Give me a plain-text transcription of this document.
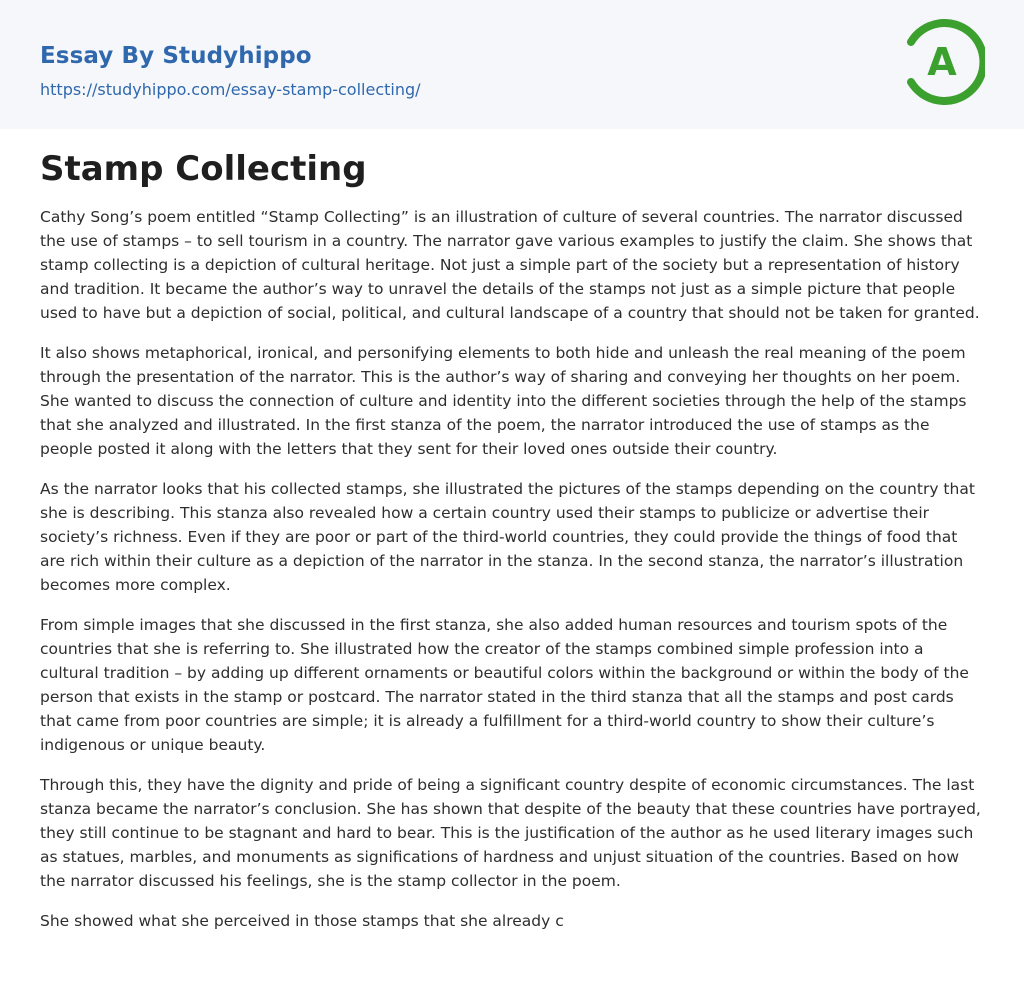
Essay By Studyhippo
https://studyhippo.com/essay-stamp-collecting/
A
Stamp Collecting

Cathy Song’s poem entitled “Stamp Collecting” is an illustration of culture of several countries. The narrator discussed the use of stamps – to sell tourism in a country. The narrator gave various examples to justify the claim. She shows that stamp collecting is a depiction of cultural heritage. Not just a simple part of the society but a representation of history and tradition. It became the author’s way to unravel the details of the stamps not just as a simple picture that people used to have but a depiction of social, political, and cultural landscape of a country that should not be taken for granted.

It also shows metaphorical, ironical, and personifying elements to both hide and unleash the real meaning of the poem through the presentation of the narrator. This is the author’s way of sharing and conveying her thoughts on her poem. She wanted to discuss the connection of culture and identity into the different societies through the help of the stamps that she analyzed and illustrated. In the first stanza of the poem, the narrator introduced the use of stamps as the people posted it along with the letters that they sent for their loved ones outside their country.

As the narrator looks that his collected stamps, she illustrated the pictures of the stamps depending on the country that she is describing. This stanza also revealed how a certain country used their stamps to publicize or advertise their society’s richness. Even if they are poor or part of the third-world countries, they could provide the things of food that are rich within their culture as a depiction of the narrator in the stanza. In the second stanza, the narrator’s illustration becomes more complex.

From simple images that she discussed in the first stanza, she also added human resources and tourism spots of the countries that she is referring to. She illustrated how the creator of the stamps combined simple profession into a cultural tradition – by adding up different ornaments or beautiful colors within the background or within the body of the person that exists in the stamp or postcard. The narrator stated in the third stanza that all the stamps and post cards that came from poor countries are simple; it is already a fulfillment for a third-world country to show their culture’s indigenous or unique beauty.

Through this, they have the dignity and pride of being a significant country despite of economic circumstances. The last stanza became the narrator’s conclusion. She has shown that despite of the beauty that these countries have portrayed, they still continue to be stagnant and hard to bear. This is the justification of the author as he used literary images such as statues, marbles, and monuments as significations of hardness and unjust situation of the countries. Based on how the narrator discussed his feelings, she is the stamp collector in the poem.

She showed what she perceived in those stamps that she already c
